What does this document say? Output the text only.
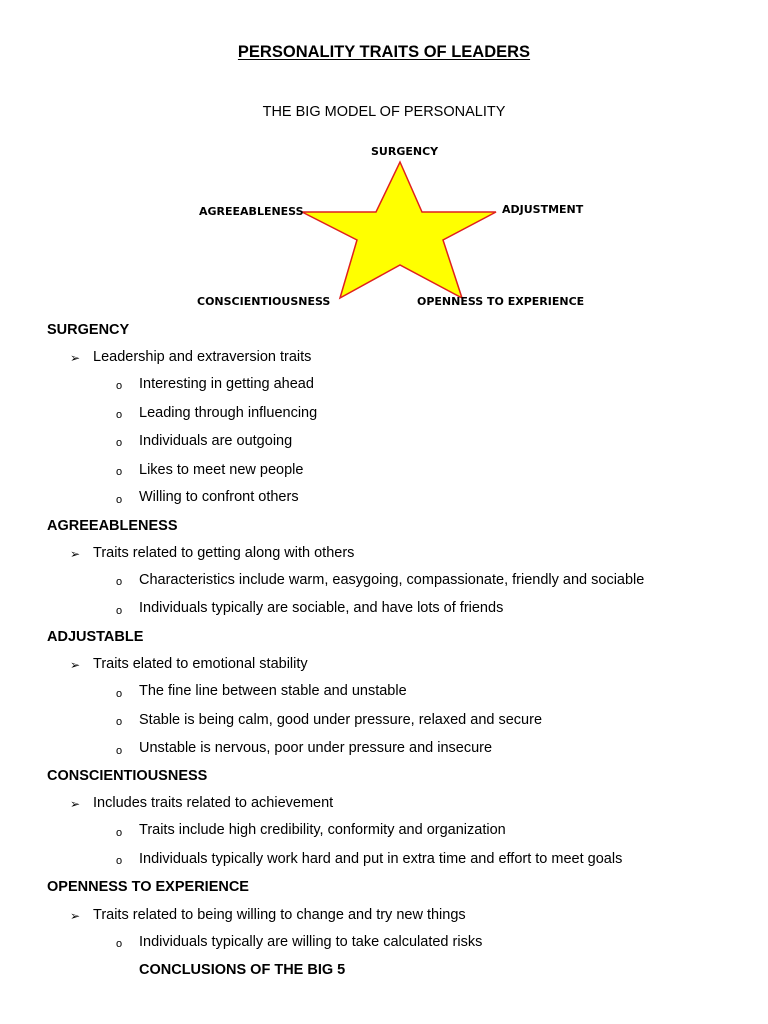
PERSONALITY TRAITS OF LEADERS
THE BIG MODEL OF PERSONALITY
SURGENCY
AGREEABLENESS	ADJUSTMENT
CONSCIENTIOUSNESS	OPENNESS TO EXPERIENCE
SURGENCY
➢ Leadership and extraversion traits
o Interesting in getting ahead
o Leading through influencing
o Individuals are outgoing
o Likes to meet new people
o Willing to confront others
AGREEABLENESS
➢ Traits related to getting along with others
o Characteristics include warm, easygoing, compassionate, friendly and sociable
o Individuals typically are sociable, and have lots of friends
ADJUSTABLE
➢ Traits elated to emotional stability
o The fine line between stable and unstable
o Stable is being calm, good under pressure, relaxed and secure
o Unstable is nervous, poor under pressure and insecure
CONSCIENTIOUSNESS
➢ Includes traits related to achievement
o Traits include high credibility, conformity and organization
o Individuals typically work hard and put in extra time and effort to meet goals
OPENNESS TO EXPERIENCE
➢ Traits related to being willing to change and try new things
o Individuals typically are willing to take calculated risks
CONCLUSIONS OF THE BIG 5
